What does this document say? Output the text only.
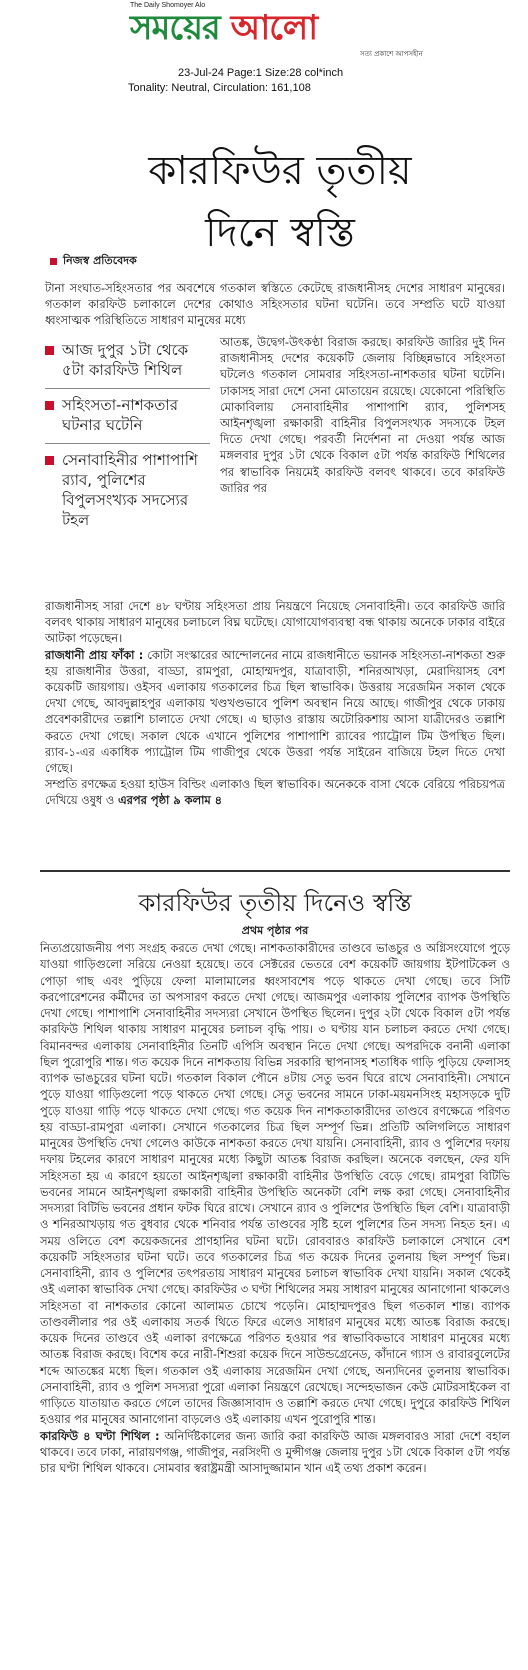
The Daily Shomoyer Alo
সময়ের আলো
সত্য প্রকাশে আপসহীন
23-Jul-24 Page:1 Size:28 col*inch
Tonality: Neutral, Circulation: 161,108
কারফিউর তৃতীয়
দিনে স্বস্তি
নিজস্ব প্রতিবেদক
টানা সংঘাত-সহিংসতার পর অবশেষে গতকাল স্বস্তিতে কেটেছে রাজধানীসহ দেশের সাধারণ মানুষের। গতকাল কারফিউ চলাকালে দেশের কোথাও সহিংসতার ঘটনা ঘটেনি। তবে সম্প্রতি ঘটে যাওয়া ধ্বংসাত্মক পরিস্থিতিতে সাধারণ মানুষের মধ্যে
আজ দুপুর ১টা থেকে ৫টা কারফিউ শিথিল
সহিংসতা-নাশকতার ঘটনার ঘটেনি
সেনাবাহিনীর পাশাপাশি র‌্যাব, পুলিশের বিপুলসংখ্যক সদস্যের টহল
আতঙ্ক, উদ্বেগ-উৎকণ্ঠা বিরাজ করছে। কারফিউ জারির দুই দিন রাজধানীসহ দেশের কয়েকটি জেলায় বিচ্ছিন্নভাবে সহিংসতা ঘটলেও গতকাল সোমবার সহিংসতা-নাশকতার ঘটনা ঘটেনি। ঢাকাসহ সারা দেশে সেনা মোতায়েন রয়েছে। যেকোনো পরিস্থিতি মোকাবিলায় সেনাবাহিনীর পাশাপাশি র‌্যাব, পুলিশসহ আইনশৃঙ্খলা রক্ষাকারী বাহিনীর বিপুলসংখ্যক সদস্যকে টহল দিতে দেখা গেছে। পরবর্তী নির্দেশনা না দেওয়া পর্যন্ত আজ মঙ্গলবার দুপুর ১টা থেকে বিকাল ৫টা পর্যন্ত কারফিউ শিথিলের পর স্বাভাবিক নিয়মেই কারফিউ বলবৎ থাকবে। তবে কারফিউ জারির পর
রাজধানীসহ সারা দেশে ৪৮ ঘণ্টায় সহিংসতা প্রায় নিয়ন্ত্রণে নিয়েছে সেনাবাহিনী। তবে কারফিউ জারি বলবৎ থাকায় সাধারণ মানুষের চলাচলে বিঘ্ন ঘটেছে। যোগাযোগব্যবস্থা বন্ধ থাকায় অনেকে ঢাকার বাইরে আটকা পড়েছেন।
রাজধানী প্রায় ফাঁকা : কোটা সংস্কারের আন্দোলনের নামে রাজধানীতে ভয়ানক সহিংসতা-নাশকতা শুরু হয় রাজধানীর উত্তরা, বাড্ডা, রামপুরা, মোহাম্মদপুর, যাত্রাবাড়ী, শনিরআখড়া, মেরাদিয়াসহ বেশ কয়েকটি জায়গায়। ওইসব এলাকায় গতকালের চিত্র ছিল স্বাভাবিক। উত্তরায় সরেজমিন সকাল থেকে দেখা গেছে, আবদুল্লাহপুর এলাকায় খণ্ডখণ্ডভাবে পুলিশ অবস্থান নিয়ে আছে। গাজীপুর থেকে ঢাকায় প্রবেশকারীদের তল্লাশি চালাতে দেখা গেছে। এ ছাড়াও রাস্তায় অটোরিকশায় আসা যাত্রীদেরও তল্লাশি করতে দেখা গেছে। সকাল থেকে এখানে পুলিশের পাশাপাশি র‌্যাবের প্যাট্রোল টিম উপস্থিত ছিল। র‌্যাব-১-এর একাধিক প্যাট্রোল টিম গাজীপুর থেকে উত্তরা পর্যন্ত সাইরেন বাজিয়ে টহল দিতে দেখা গেছে।
সম্প্রতি রণক্ষেত্র হওয়া হাউস বিল্ডিং এলাকাও ছিল স্বাভাবিক। অনেককে বাসা থেকে বেরিয়ে পরিচয়পত্র দেখিয়ে ওষুধ ও এরপর পৃষ্ঠা ৯ কলাম ৪
কারফিউর তৃতীয় দিনেও স্বস্তি
প্রথম পৃষ্ঠার পর
নিত্যপ্রয়োজনীয় পণ্য সংগ্রহ করতে দেখা গেছে। নাশকতাকারীদের তাণ্ডবে ভাঙচুর ও অগ্নিসংযোগে পুড়ে যাওয়া গাড়িগুলো সরিয়ে নেওয়া হয়েছে। তবে সেক্টরের ভেতরে বেশ কয়েকটি জায়গায় ইটপাটকেল ও পোড়া গাছ এবং পুড়িয়ে ফেলা মালামালের ধ্বংসাবশেষ পড়ে থাকতে দেখা গেছে। তবে সিটি করপোরেশনের কর্মীদের তা অপসারণ করতে দেখা গেছে। আজমপুর এলাকায় পুলিশের ব্যাপক উপস্থিতি দেখা গেছে। পাশাপাশি সেনাবাহিনীর সদস্যরা সেখানে উপস্থিত ছিলেন। দুপুর ২টা থেকে বিকাল ৫টা পর্যন্ত কারফিউ শিথিল থাকায় সাধারণ মানুষের চলাচল বৃদ্ধি পায়। ৩ ঘণ্টায় যান চলাচল করতে দেখা গেছে। বিমানবন্দর এলাকায় সেনাবাহিনীর তিনটি এপিসি অবস্থান নিতে দেখা গেছে। অপরদিকে বনানী এলাকা ছিল পুরোপুরি শান্ত। গত কয়েক দিনে নাশকতায় বিভিন্ন সরকারি স্থাপনাসহ শতাধিক গাড়ি পুড়িয়ে ফেলাসহ ব্যাপক ভাঙচুরের ঘটনা ঘটে। গতকাল বিকাল পৌনে ৪টায় সেতু ভবন ঘিরে রাখে সেনাবাহিনী। সেখানে পুড়ে যাওয়া গাড়িগুলো পড়ে থাকতে দেখা গেছে। সেতু ভবনের সামনে ঢাকা-ময়মনসিংহ মহাসড়কে দুটি পুড়ে যাওয়া গাড়ি পড়ে থাকতে দেখা গেছে। গত কয়েক দিন নাশকতাকারীদের তাণ্ডবে রণক্ষেত্রে পরিণত হয় বাড্ডা-রামপুরা এলাকা। সেখানে গতকালের চিত্র ছিল সম্পূর্ণ ভিন্ন। প্রতিটি অলিগলিতে সাধারণ মানুষের উপস্থিতি দেখা গেলেও কাউকে নাশকতা করতে দেখা যায়নি। সেনাবাহিনী, র‌্যাব ও পুলিশের দফায় দফায় টহলের কারণে সাধারণ মানুষের মধ্যে কিছুটা আতঙ্ক বিরাজ করছিল। অনেকে বলছেন, ফের যদি সহিংসতা হয় এ কারণে হয়তো আইনশৃঙ্খলা রক্ষাকারী বাহিনীর উপস্থিতি বেড়ে গেছে। রামপুরা বিটিভি ভবনের সামনে আইনশৃঙ্খলা রক্ষাকারী বাহিনীর উপস্থিতি অনেকটা বেশি লক্ষ করা গেছে। সেনাবাহিনীর সদস্যরা বিটিভি ভবনের প্রধান ফটক ঘিরে রাখে। সেখানে র‌্যাব ও পুলিশের উপস্থিতি ছিল বেশি। যাত্রাবাড়ী ও শনিরআখড়ায় গত বুধবার থেকে শনিবার পর্যন্ত তাণ্ডবের সৃষ্টি হলে পুলিশের তিন সদস্য নিহত হন। এ সময় ওলিতে বেশ কয়েকজনের প্রাণহানির ঘটনা ঘটে। রোববারও কারফিউ চলাকালে সেখানে বেশ কয়েকটি সহিংসতার ঘটনা ঘটে। তবে গতকালের চিত্র গত কয়েক দিনের তুলনায় ছিল সম্পূর্ণ ভিন্ন। সেনাবাহিনী, র‌্যাব ও পুলিশের তৎপরতায় সাধারণ মানুষের চলাচল স্বাভাবিক দেখা যায়নি। সকাল থেকেই ওই এলাকা স্বাভাবিক দেখা গেছে। কারফিউর ৩ ঘণ্টা শিথিলের সময় সাধারণ মানুষের আনাগোনা থাকলেও সহিংসতা বা নাশকতার কোনো আলামত চোখে পড়েনি। মোহাম্মদপুরও ছিল গতকাল শান্ত। ব্যাপক তাণ্ডবলীলার পর ওই এলাকায় সতর্ক থিতে ফিরে এলেও সাধারণ মানুষের মধ্যে আতঙ্ক বিরাজ করছে। কয়েক দিনের তাণ্ডবে ওই এলাকা রণক্ষেত্রে পরিণত হওয়ার পর স্বাভাবিকভাবে সাধারণ মানুষের মধ্যে আতঙ্ক বিরাজ করছে। বিশেষ করে নারী-শিশুরা কয়েক দিনে সাউন্ডগ্রেনেড, কাঁদানে গ্যাস ও রাবারবুলেটের শব্দে আতঙ্কের মধ্যে ছিল। গতকাল ওই এলাকায় সরেজমিন দেখা গেছে, অন্যদিনের তুলনায় স্বাভাবিক। সেনাবাহিনী, র‌্যাব ও পুলিশ সদস্যরা পুরো এলাকা নিয়ন্ত্রণে রেখেছে। সন্দেহভাজন কেউ মোটরসাইকেল বা গাড়িতে যাতায়াত করতে গেলে তাদের জিজ্ঞাসাবাদ ও তল্লাশি করতে দেখা গেছে। দুপুরে কারফিউ শিথিল হওয়ার পর মানুষের আনাগোনা বাড়লেও ওই এলাকায় এখন পুরোপুরি শান্ত।
কারফিউ ৪ ঘণ্টা শিথিল : অনির্দিষ্টকালের জন্য জারি করা কারফিউ আজ মঙ্গলবারও সারা দেশে বহাল থাকবে। তবে ঢাকা, নারায়ণগঞ্জ, গাজীপুর, নরসিংদী ও মুন্সীগঞ্জ জেলায় দুপুর ১টা থেকে বিকাল ৫টা পর্যন্ত চার ঘণ্টা শিথিল থাকবে। সোমবার স্বরাষ্ট্রমন্ত্রী আসাদুজ্জামান খান এই তথ্য প্রকাশ করেন।
